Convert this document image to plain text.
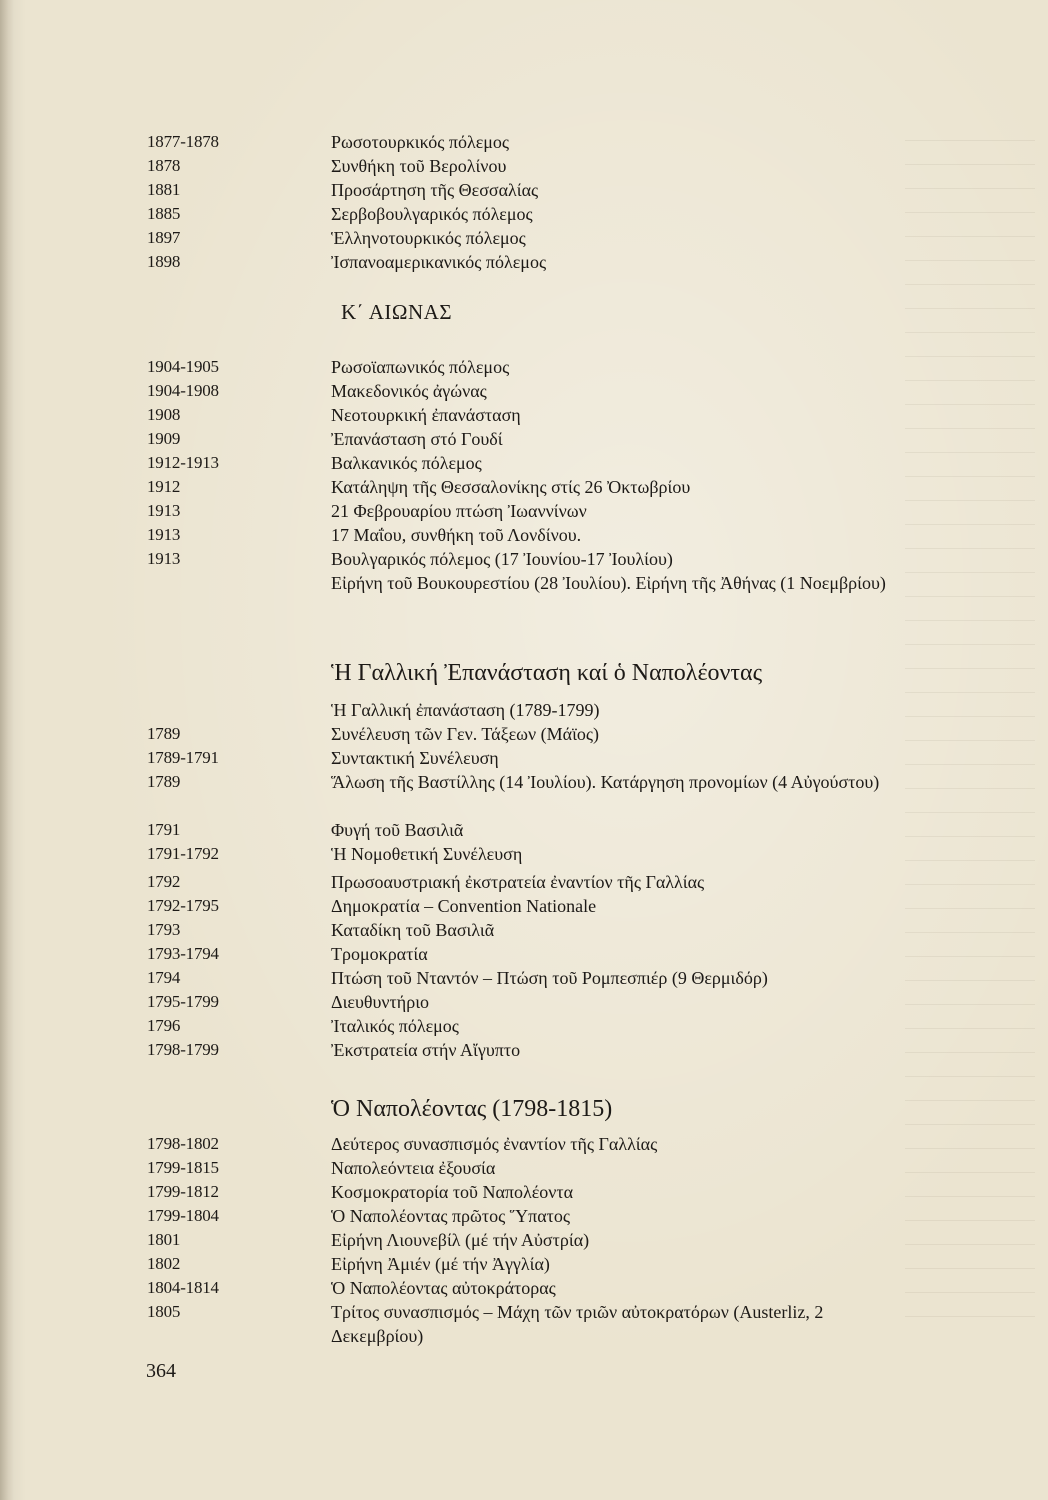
1877-1878	Ρωσοτουρκικός πόλεμος
1878	Συνθήκη τοῦ Βερολίνου
1881	Προσάρτηση τῆς Θεσσαλίας
1885	Σερβοβουλγαρικός πόλεμος
1897	Ἑλληνοτουρκικός πόλεμος
1898	Ἰσπανοαμερικανικός πόλεμος
Κ΄ ΑΙΩΝΑΣ
1904-1905	Ρωσοϊαπωνικός πόλεμος
1904-1908	Μακεδονικός ἀγώνας
1908	Νεοτουρκική ἐπανάσταση
1909	Ἐπανάσταση στό Γουδί
1912-1913	Βαλκανικός πόλεμος
1912	Κατάληψη τῆς Θεσσαλονίκης στίς 26 Ὀκτωβρίου
1913	21 Φεβρουαρίου πτώση Ἰωαννίνων
1913	17 Μαΐου, συνθήκη τοῦ Λονδίνου.
1913	Βουλγαρικός πόλεμος (17 Ἰουνίου-17 Ἰουλίου)
Εἰρήνη τοῦ Βουκουρεστίου (28 Ἰουλίου). Εἰρήνη τῆς Ἀθήνας (1 Νοεμβρίου)
Ἡ Γαλλική Ἐπανάσταση καί ὁ Ναπολέοντας
Ἡ Γαλλική ἐπανάσταση (1789-1799)
1789	Συνέλευση τῶν Γεν. Τάξεων (Μάϊος)
1789-1791	Συντακτική Συνέλευση
1789	Ἅλωση τῆς Βαστίλλης (14 Ἰουλίου). Κατάργηση προνομίων (4 Αὐγούστου)
1791	Φυγή τοῦ Βασιλιᾶ
1791-1792	Ἡ Νομοθετική Συνέλευση
1792	Πρωσοαυστριακή ἐκστρατεία ἐναντίον τῆς Γαλλίας
1792-1795	Δημοκρατία – Convention Nationale
1793	Καταδίκη τοῦ Βασιλιᾶ
1793-1794	Τρομοκρατία
1794	Πτώση τοῦ Νταντόν – Πτώση τοῦ Ρομπεσπιέρ (9 Θερμιδόρ)
1795-1799	Διευθυντήριο
1796	Ἰταλικός πόλεμος
1798-1799	Ἐκστρατεία στήν Αἴγυπτο
Ὁ Ναπολέοντας (1798-1815)
1798-1802	Δεύτερος συνασπισμός ἐναντίον τῆς Γαλλίας
1799-1815	Ναπολεόντεια ἐξουσία
1799-1812	Κοσμοκρατορία τοῦ Ναπολέοντα
1799-1804	Ὁ Ναπολέοντας πρῶτος Ὕπατος
1801	Εἰρήνη Λιουνεβίλ (μέ τήν Αὐστρία)
1802	Εἰρήνη Ἀμιέν (μέ τήν Ἀγγλία)
1804-1814	Ὁ Ναπολέοντας αὐτοκράτορας
1805	Τρίτος συνασπισμός – Μάχη τῶν τριῶν αὐτοκρατόρων (Austerliz, 2 Δεκεμβρίου)
364
